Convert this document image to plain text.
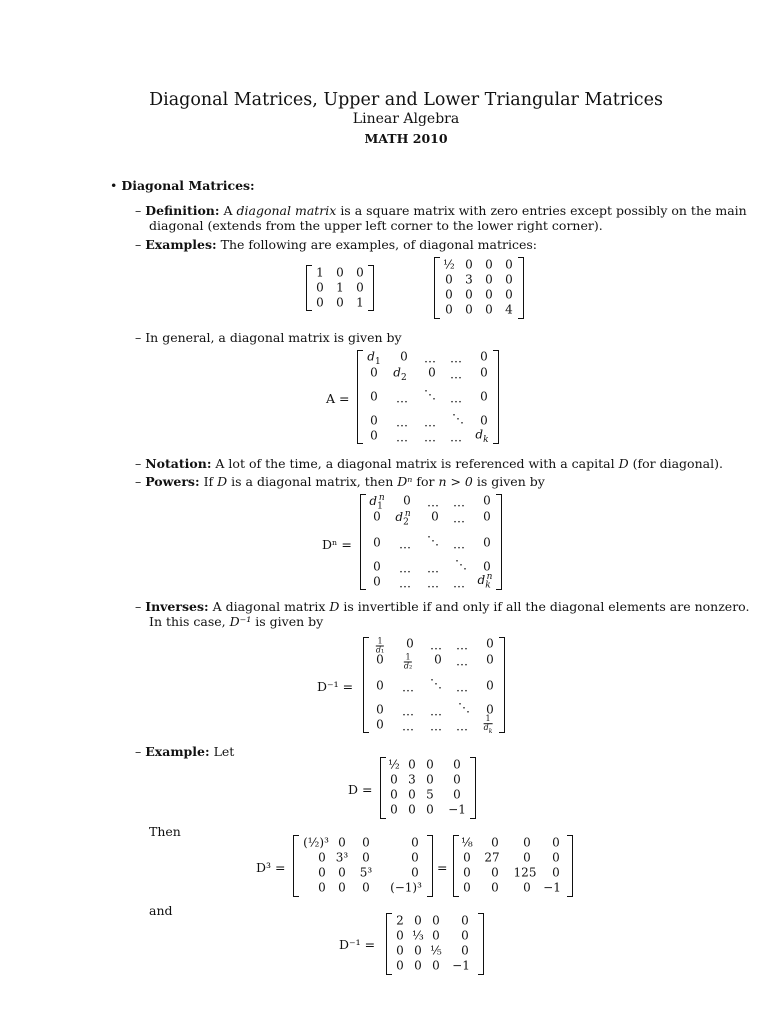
Diagonal Matrices, Upper and Lower Triangular Matrices
Linear Algebra
MATH 2010
• Diagonal Matrices:
– Definition: A diagonal matrix is a square matrix with zero entries except possibly on the main
diagonal (extends from the upper left corner to the lower right corner).
– Examples: The following are examples, of diagonal matrices:
1 0 0
0 1 0
0 0 1
½ 0 0 0
0 3 0 0
0 0 0 0
0 0 0 4
– In general, a diagonal matrix is given by
A =
$d_1$ 0 … … 0
0 $d_2$ 0 … 0
0 … ⋱ … 0
0 … … ⋱ 0
0 … … … $d_k$
– Notation: A lot of the time, a diagonal matrix is referenced with a capital D (for diagonal).
– Powers: If D is a diagonal matrix, then Dⁿ for n > 0 is given by
Dⁿ =
$d_1^n$ 0 … … 0
0 $d_2^n$ 0 … 0
0 … ⋱ … 0
0 … … ⋱ 0
0 … … … $d_k^n$
– Inverses: A diagonal matrix D is invertible if and only if all the diagonal elements are nonzero.
In this case, D⁻¹ is given by
D⁻¹ =
$\frac{1}{\text{d₁}} 0$ … … 0
0	$\frac{1}{\text{d₂}} 0$ … 0
0 … ⋱ … 0
0 … … ⋱ 0
0 … … … $\frac{1}{d_k}$
– Example: Let
D =
½ 0 0 0
0 3 0 0
0 0 5 0
0 0 0 −1
Then
D³ =
(½)³ 0 0	0
0 3³ 0	0
0 0 5³	0
0 0 0 (−1)³
=
⅛ 0 0 0
0 27 0 0
0 0 125 0
0 0 0 −1
and
D⁻¹ =
2 0 0 0
0 ⅓ 0 0
0 0 ⅕ 0
0 0 0 −1
